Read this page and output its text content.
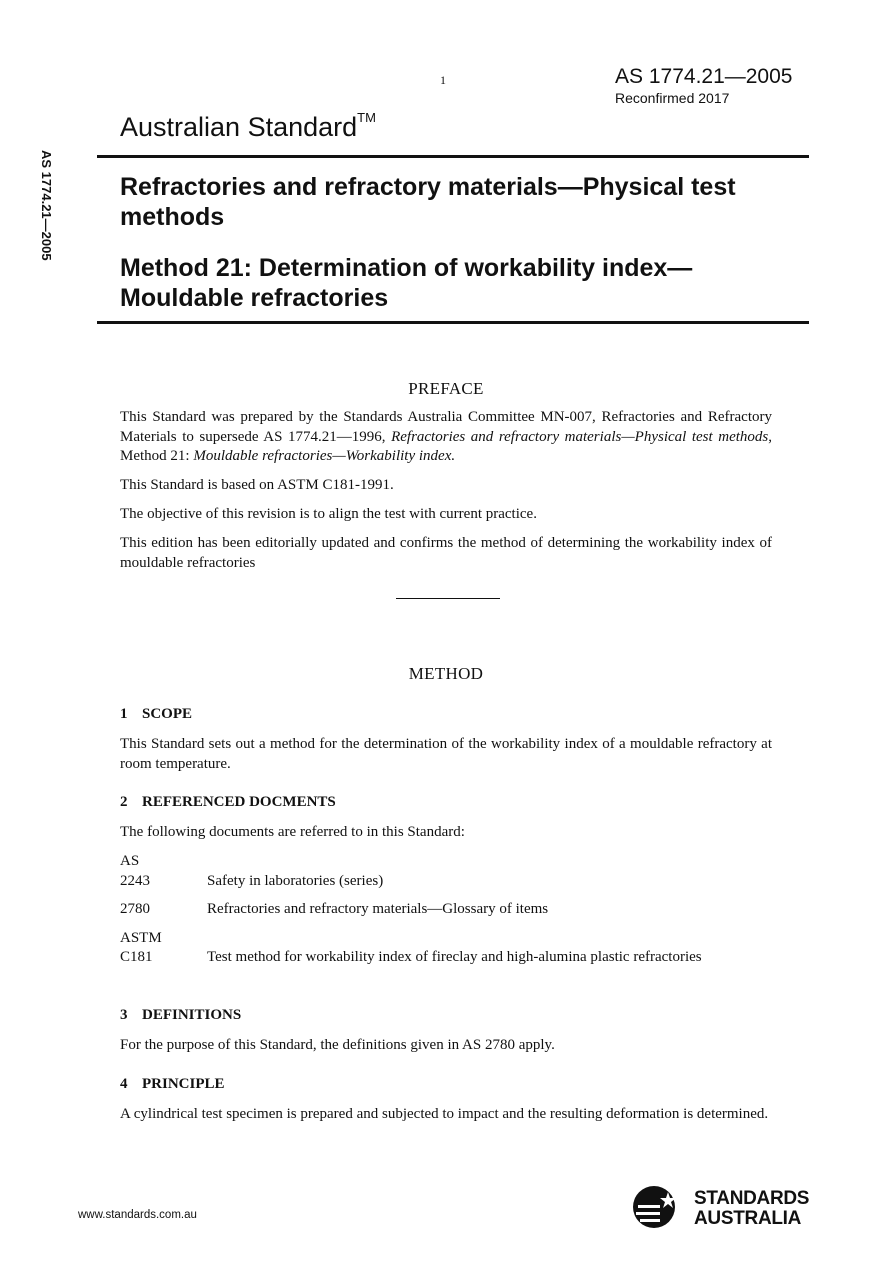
1	AS 1774.21—2005
Reconfirmed 2017
Australian Standard™
AS 1774.21—2005	Refractories and refractory materials—Physical test methods
Method 21: Determination of workability index—Mouldable refractories
PREFACE
This Standard was prepared by the Standards Australia Committee MN-007, Refractories and Refractory Materials to supersede AS 1774.21—1996, Refractories and refractory materials—Physical test methods, Method 21: Mouldable refractories—Workability index.
This Standard is based on ASTM C181-1991.
The objective of this revision is to align the test with current practice.
This edition has been editorially updated and confirms the method of determining the workability index of mouldable refractories
METHOD
1 SCOPE
This Standard sets out a method for the determination of the workability index of a mouldable refractory at room temperature.
2 REFERENCED DOCMENTS
The following documents are referred to in this Standard:
AS
2243	Safety in laboratories (series)
2780	Refractories and refractory materials—Glossary of items
ASTM
C181	Test method for workability index of fireclay and high-alumina plastic refractories
3 DEFINITIONS
For the purpose of this Standard, the definitions given in AS 2780 apply.
4 PRINCIPLE
A cylindrical test specimen is prepared and subjected to impact and the resulting deformation is determined.
www.standards.com.au
STANDARDS
AUSTRALIA
